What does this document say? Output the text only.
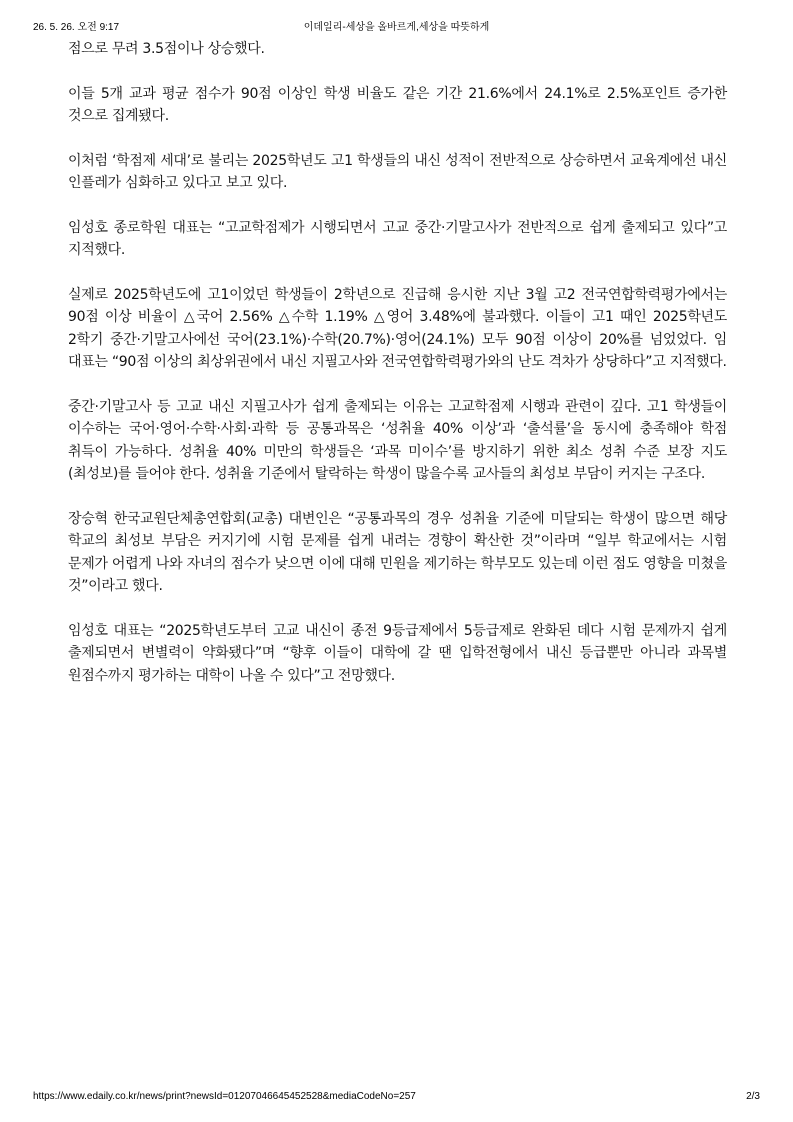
26. 5. 26. 오전 9:17	이데일리-세상을 올바르게,세상을 따뜻하게

점으로 무려 3.5점이나 상승했다.

이들 5개 교과 평균 점수가 90점 이상인 학생 비율도 같은 기간 21.6%에서 24.1%로 2.5%포인트 증가한 것으로 집계됐다.

이처럼 ‘학점제 세대’로 불리는 2025학년도 고1 학생들의 내신 성적이 전반적으로 상승하면서 교육계에선 내신 인플레가 심화하고 있다고 보고 있다.

임성호 종로학원 대표는 “고교학점제가 시행되면서 고교 중간·기말고사가 전반적으로 쉽게 출제되고 있다”고 지적했다.

실제로 2025학년도에 고1이었던 학생들이 2학년으로 진급해 응시한 지난 3월 고2 전국연합학력평가에서는 90점 이상 비율이 △국어 2.56% △수학 1.19% △영어 3.48%에 불과했다. 이들이 고1 때인 2025학년도 2학기 중간·기말고사에선 국어(23.1%)·수학(20.7%)·영어(24.1%) 모두 90점 이상이 20%를 넘었었다. 임 대표는 “90점 이상의 최상위권에서 내신 지필고사와 전국연합학력평가와의 난도 격차가 상당하다”고 지적했다.

중간·기말고사 등 고교 내신 지필고사가 쉽게 출제되는 이유는 고교학점제 시행과 관련이 깊다. 고1 학생들이 이수하는 국어·영어·수학·사회·과학 등 공통과목은 ‘성취율 40% 이상’과 ‘출석률’을 동시에 충족해야 학점 취득이 가능하다. 성취율 40% 미만의 학생들은 ‘과목 미이수’를 방지하기 위한 최소 성취 수준 보장 지도(최성보)를 들어야 한다. 성취율 기준에서 탈락하는 학생이 많을수록 교사들의 최성보 부담이 커지는 구조다.

장승혁 한국교원단체총연합회(교총) 대변인은 “공통과목의 경우 성취율 기준에 미달되는 학생이 많으면 해당 학교의 최성보 부담은 커지기에 시험 문제를 쉽게 내려는 경향이 확산한 것”이라며 “일부 학교에서는 시험 문제가 어렵게 나와 자녀의 점수가 낮으면 이에 대해 민원을 제기하는 학부모도 있는데 이런 점도 영향을 미쳤을 것”이라고 했다.

임성호 대표는 “2025학년도부터 고교 내신이 종전 9등급제에서 5등급제로 완화된 데다 시험 문제까지 쉽게 출제되면서 변별력이 약화됐다”며 “향후 이들이 대학에 갈 땐 입학전형에서 내신 등급뿐만 아니라 과목별 원점수까지 평가하는 대학이 나올 수 있다”고 전망했다.

https://www.edaily.co.kr/news/print?newsId=01207046645452528&mediaCodeNo=257	2/3
